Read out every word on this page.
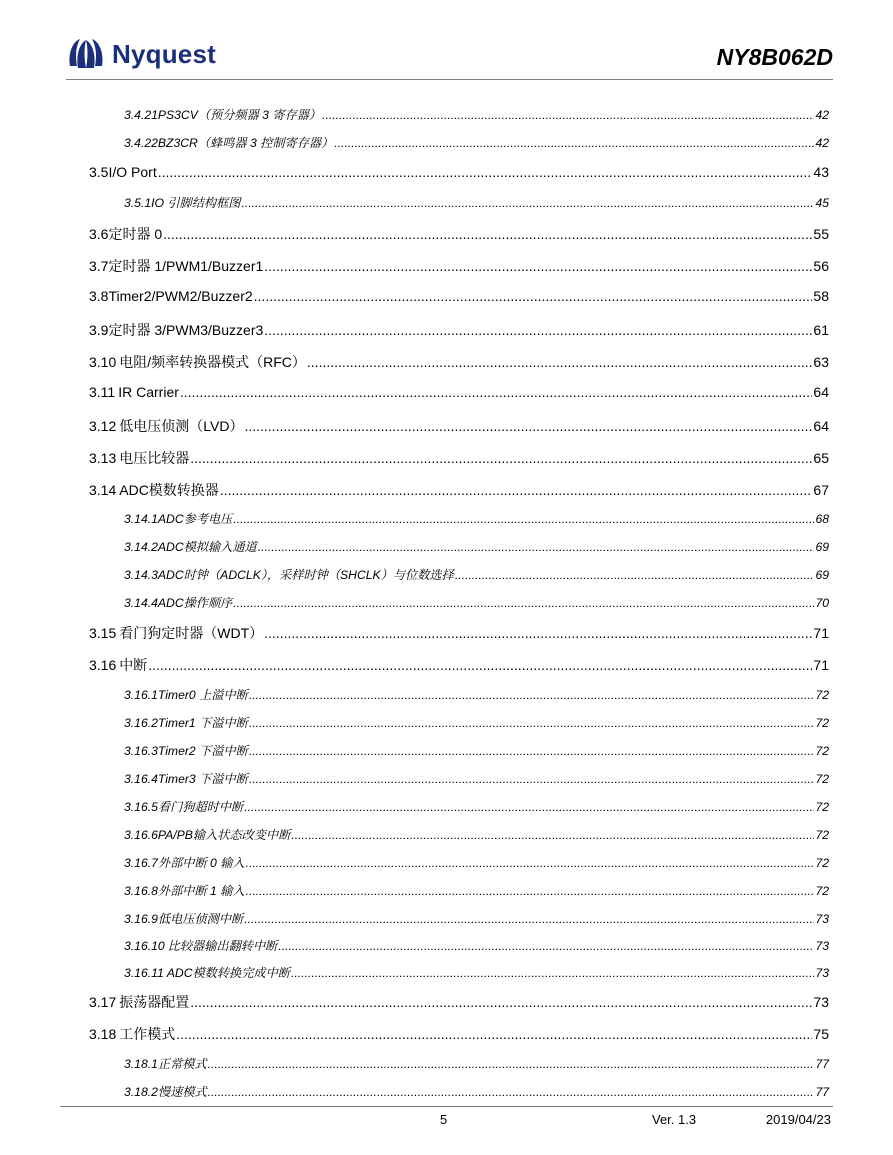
Nyquest	NY8B062D
3.4.21 PS3CV（预分频器 3 寄存器） .....	42
3.4.22 BZ3CR（蜂鸣器 3 控制寄存器） .....	42
3.5 I/O Port .....	43
3.5.1 IO 引脚结构框图 .....	45
3.6 定时器 0 .....	55
3.7 定时器 1/PWM1/Buzzer1 .....	56
3.8 Timer2/PWM2/Buzzer2 .....	58
3.9 定时器 3/PWM3/Buzzer3 .....	61
3.10 电阻/频率转换器模式（RFC） .....	63
3.11 IR Carrier .....	64
3.12 低电压侦测（LVD） .....	64
3.13 电压比较器 .....	65
3.14 ADC模数转换器 .....	67
3.14.1 ADC参考电压 .....	68
3.14.2 ADC模拟输入通道 .....	69
3.14.3 ADC时钟（ADCLK），采样时钟（SHCLK）与位数选择 .....	69
3.14.4 ADC操作顺序 .....	70
3.15 看门狗定时器（WDT） .....	71
3.16 中断 .....	71
3.16.1 Timer0 上溢中断 .....	72
3.16.2 Timer1 下溢中断 .....	72
3.16.3 Timer2 下溢中断 .....	72
3.16.4 Timer3 下溢中断 .....	72
3.16.5 看门狗超时中断 .....	72
3.16.6 PA/PB输入状态改变中断 .....	72
3.16.7 外部中断 0 输入 .....	72
3.16.8 外部中断 1 输入 .....	72
3.16.9 低电压侦测中断 .....	73
3.16.10 比较器输出翻转中断 .....	73
3.16.11 ADC模数转换完成中断 .....	73
3.17 振荡器配置 .....	73
3.18 工作模式 .....	75
3.18.1 正常模式 .....	77
3.18.2 慢速模式 .....	77
5	Ver. 1.3	2019/04/23
